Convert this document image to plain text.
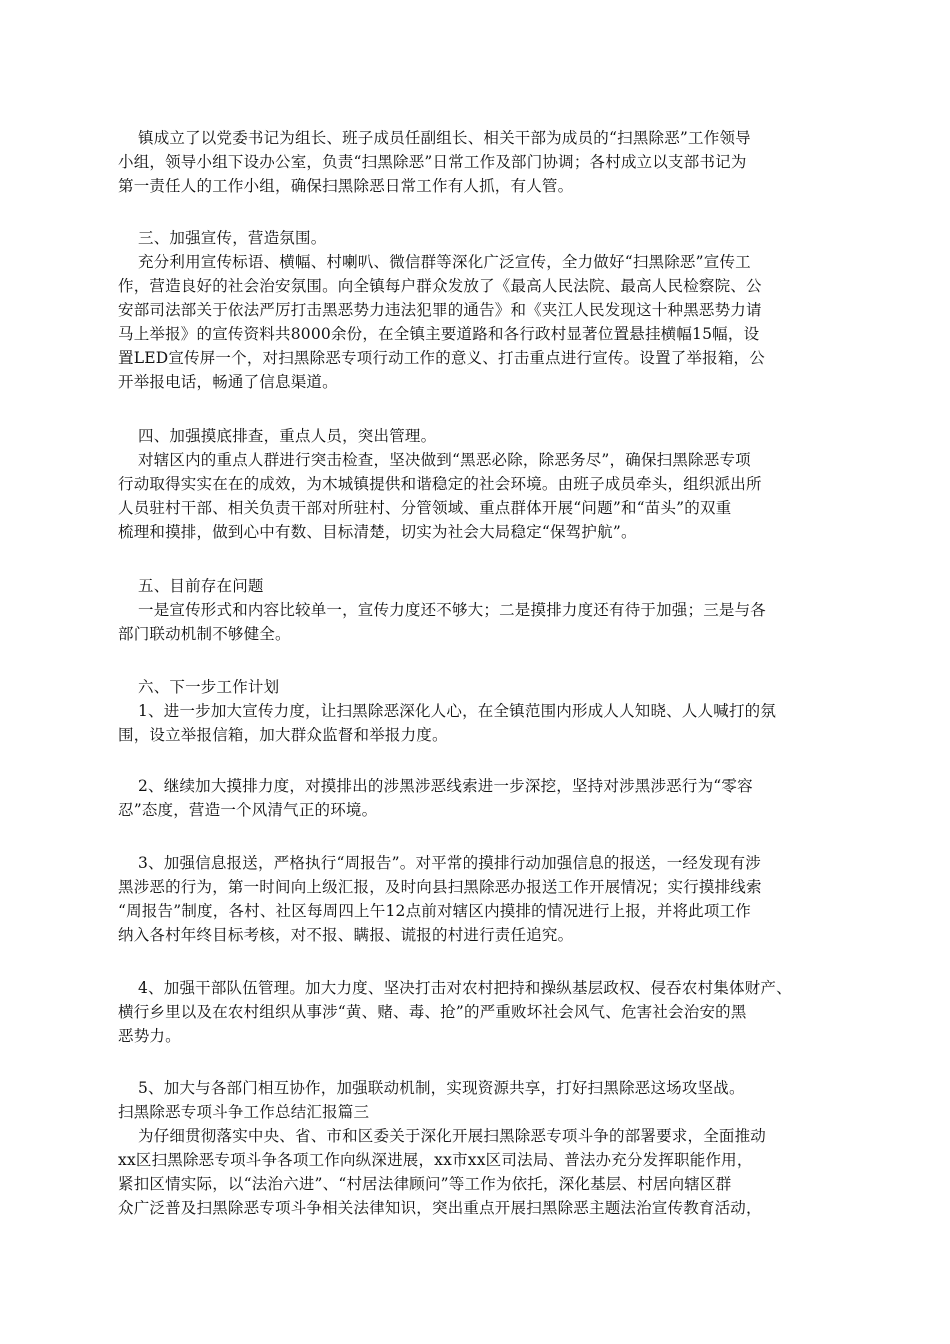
镇成立了以党委书记为组长、班子成员任副组长、相关干部为成员的“扫黑除恶”工作领导
小组，领导小组下设办公室，负责“扫黑除恶”日常工作及部门协调；各村成立以支部书记为
第一责任人的工作小组，确保扫黑除恶日常工作有人抓，有人管。
三、加强宣传，营造氛围。
充分利用宣传标语、横幅、村喇叭、微信群等深化广泛宣传，全力做好“扫黑除恶”宣传工
作，营造良好的社会治安氛围。向全镇每户群众发放了《最高人民法院、最高人民检察院、公
安部司法部关于依法严厉打击黑恶势力违法犯罪的通告》和《夹江人民发现这十种黑恶势力请
马上举报》的宣传资料共8000余份，在全镇主要道路和各行政村显著位置悬挂横幅15幅，设
置LED宣传屏一个，对扫黑除恶专项行动工作的意义、打击重点进行宣传。设置了举报箱，公
开举报电话，畅通了信息渠道。
四、加强摸底排查，重点人员，突出管理。
对辖区内的重点人群进行突击检查，坚决做到“黑恶必除，除恶务尽”，确保扫黑除恶专项
行动取得实实在在的成效，为木城镇提供和谐稳定的社会环境。由班子成员牵头，组织派出所
人员驻村干部、相关负责干部对所驻村、分管领域、重点群体开展“问题”和“苗头”的双重
梳理和摸排，做到心中有数、目标清楚，切实为社会大局稳定“保驾护航”。
五、目前存在问题
一是宣传形式和内容比较单一，宣传力度还不够大；二是摸排力度还有待于加强；三是与各
部门联动机制不够健全。
六、下一步工作计划
1、进一步加大宣传力度，让扫黑除恶深化人心，在全镇范围内形成人人知晓、人人喊打的氛
围，设立举报信箱，加大群众监督和举报力度。
2、继续加大摸排力度，对摸排出的涉黑涉恶线索进一步深挖，坚持对涉黑涉恶行为“零容
忍”态度，营造一个风清气正的环境。
3、加强信息报送，严格执行“周报告”。对平常的摸排行动加强信息的报送，一经发现有涉
黑涉恶的行为，第一时间向上级汇报，及时向县扫黑除恶办报送工作开展情况；实行摸排线索
“周报告”制度，各村、社区每周四上午12点前对辖区内摸排的情况进行上报，并将此项工作
纳入各村年终目标考核，对不报、瞒报、谎报的村进行责任追究。
4、加强干部队伍管理。加大力度、坚决打击对农村把持和操纵基层政权、侵吞农村集体财产、
横行乡里以及在农村组织从事涉“黄、赌、毒、抢”的严重败坏社会风气、危害社会治安的黑
恶势力。
5、加大与各部门相互协作，加强联动机制，实现资源共享，打好扫黑除恶这场攻坚战。
扫黑除恶专项斗争工作总结汇报篇三
为仔细贯彻落实中央、省、市和区委关于深化开展扫黑除恶专项斗争的部署要求，全面推动
xx区扫黑除恶专项斗争各项工作向纵深进展，xx市xx区司法局、普法办充分发挥职能作用，
紧扣区情实际，以“法治六进”、“村居法律顾问”等工作为依托，深化基层、村居向辖区群
众广泛普及扫黑除恶专项斗争相关法律知识，突出重点开展扫黑除恶主题法治宣传教育活动，
